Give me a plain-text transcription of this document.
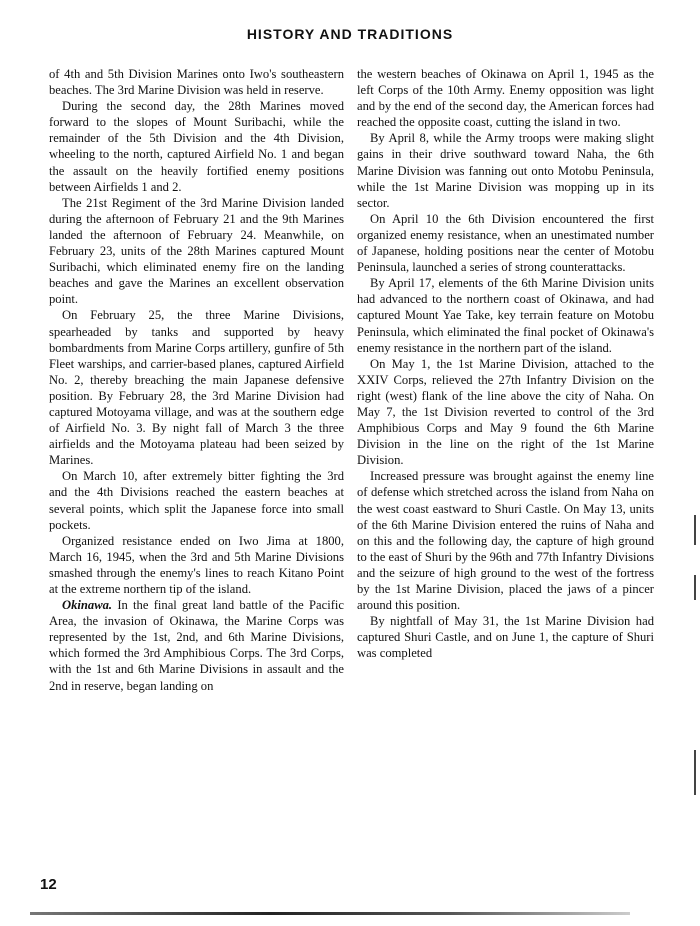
HISTORY AND TRADITIONS

of 4th and 5th Division Marines onto Iwo's southeastern beaches. The 3rd Marine Division was held in reserve.

During the second day, the 28th Marines moved forward to the slopes of Mount Suribachi, while the remainder of the 5th Division and the 4th Division, wheeling to the north, captured Airfield No. 1 and began the assault on the heavily fortified enemy positions between Airfields 1 and 2.

The 21st Regiment of the 3rd Marine Division landed during the afternoon of February 21 and the 9th Marines landed the afternoon of February 24. Meanwhile, on February 23, units of the 28th Marines captured Mount Suribachi, which eliminated enemy fire on the landing beaches and gave the Marines an excellent observation point.

On February 25, the three Marine Divisions, spearheaded by tanks and supported by heavy bombardments from Marine Corps artillery, gunfire of 5th Fleet warships, and carrier-based planes, captured Airfield No. 2, thereby breaching the main Japanese defensive position. By February 28, the 3rd Marine Division had captured Motoyama village, and was at the southern edge of Airfield No. 3. By night fall of March 3 the three airfields and the Motoyama plateau had been seized by Marines.

On March 10, after extremely bitter fighting the 3rd and the 4th Divisions reached the eastern beaches at several points, which split the Japanese force into small pockets.

Organized resistance ended on Iwo Jima at 1800, March 16, 1945, when the 3rd and 5th Marine Divisions smashed through the enemy's lines to reach Kitano Point at the extreme northern tip of the island.

Okinawa. In the final great land battle of the Pacific Area, the invasion of Okinawa, the Marine Corps was represented by the 1st, 2nd, and 6th Marine Divisions, which formed the 3rd Amphibious Corps. The 3rd Corps, with the 1st and 6th Marine Divisions in assault and the 2nd in reserve, began landing on

the western beaches of Okinawa on April 1, 1945 as the left Corps of the 10th Army. Enemy opposition was light and by the end of the second day, the American forces had reached the opposite coast, cutting the island in two.

By April 8, while the Army troops were making slight gains in their drive southward toward Naha, the 6th Marine Division was fanning out onto Motobu Peninsula, while the 1st Marine Division was mopping up in its sector.

On April 10 the 6th Division encountered the first organized enemy resistance, when an unestimated number of Japanese, holding positions near the center of Motobu Peninsula, launched a series of strong counterattacks.

By April 17, elements of the 6th Marine Division units had advanced to the northern coast of Okinawa, and had captured Mount Yae Take, key terrain feature on Motobu Peninsula, which eliminated the final pocket of Okinawa's enemy resistance in the northern part of the island.

On May 1, the 1st Marine Division, attached to the XXIV Corps, relieved the 27th Infantry Division on the right (west) flank of the line above the city of Naha. On May 7, the 1st Division reverted to control of the 3rd Amphibious Corps and May 9 found the 6th Marine Division in the line on the right of the 1st Marine Division.

Increased pressure was brought against the enemy line of defense which stretched across the island from Naha on the west coast eastward to Shuri Castle. On May 13, units of the 6th Marine Division entered the ruins of Naha and on this and the following day, the capture of high ground to the east of Shuri by the 96th and 77th Infantry Divisions and the seizure of high ground to the west of the fortress by the 1st Marine Division, placed the jaws of a pincer around this position.

By nightfall of May 31, the 1st Marine Division had captured Shuri Castle, and on June 1, the capture of Shuri was completed

12
